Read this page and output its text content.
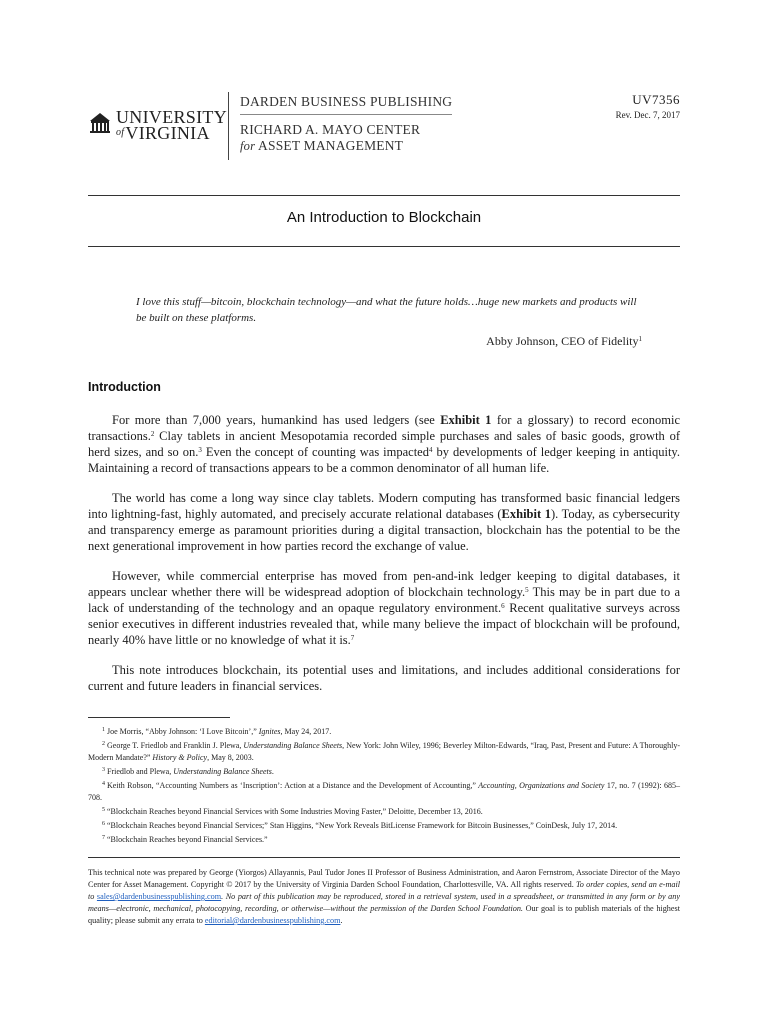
UNIVERSITY
$^{of}$VIRGINIA
DARDEN BUSINESS PUBLISHING
RICHARD A. MAYO CENTER
for ASSET MANAGEMENT
UV7356
Rev. Dec. 7, 2017
An Introduction to Blockchain
I love this stuff—bitcoin, blockchain technology—and what the future holds…huge new markets and products will be built on these platforms.
Abby Johnson, CEO of Fidelity$^1$
Introduction

For more than 7,000 years, humankind has used ledgers (see Exhibit 1 for a glossary) to record economic transactions.$^2$ Clay tablets in ancient Mesopotamia recorded simple purchases and sales of basic goods, growth of herd sizes, and so on.$^3$ Even the concept of counting was impacted$^4$ by developments of ledger keeping in antiquity. Maintaining a record of transactions appears to be a common denominator of all human life.

The world has come a long way since clay tablets. Modern computing has transformed basic financial ledgers into lightning-fast, highly automated, and precisely accurate relational databases (Exhibit 1). Today, as cybersecurity and transparency emerge as paramount priorities during a digital transaction, blockchain has the potential to be the next generational improvement in how parties record the exchange of value.

However, while commercial enterprise has moved from pen-and-ink ledger keeping to digital databases, it appears unclear whether there will be widespread adoption of blockchain technology.$^5$ This may be in part due to a lack of understanding of the technology and an opaque regulatory environment.$^6$ Recent qualitative surveys across senior executives in different industries revealed that, while many believe the impact of blockchain will be profound, nearly 40% have little or no knowledge of what it is.$^7$

This note introduces blockchain, its potential uses and limitations, and includes additional considerations for current and future leaders in financial services.

$^1$ Joe Morris, “Abby Johnson: ‘I Love Bitcoin’,” Ignites, May 24, 2017.

$^2$ George T. Friedlob and Franklin J. Plewa, Understanding Balance Sheets, New York: John Wiley, 1996; Beverley Milton-Edwards, “Iraq, Past, Present and Future: A Thoroughly-Modern Mandate?” History & Policy, May 8, 2003.

$^3$ Friedlob and Plewa, Understanding Balance Sheets.

$^4$ Keith Robson, “Accounting Numbers as ‘Inscription’: Action at a Distance and the Development of Accounting,” Accounting, Organizations and Society 17, no. 7 (1992): 685–708.

$^5$ “Blockchain Reaches beyond Financial Services with Some Industries Moving Faster,” Deloitte, December 13, 2016.

$^6$ “Blockchain Reaches beyond Financial Services;” Stan Higgins, “New York Reveals BitLicense Framework for Bitcoin Businesses,” CoinDesk, July 17, 2014.

$^7$ “Blockchain Reaches beyond Financial Services.”

This technical note was prepared by George (Yiorgos) Allayannis, Paul Tudor Jones II Professor of Business Administration, and Aaron Fernstrom, Associate Director of the Mayo Center for Asset Management. Copyright © 2017 by the University of Virginia Darden School Foundation, Charlottesville, VA. All rights reserved. To order copies, send an e-mail to sales@dardenbusinesspublishing.com. No part of this publication may be reproduced, stored in a retrieval system, used in a spreadsheet, or transmitted in any form or by any means—electronic, mechanical, photocopying, recording, or otherwise—without the permission of the Darden School Foundation. Our goal is to publish materials of the highest quality; please submit any errata to editorial@dardenbusinesspublishing.com.
